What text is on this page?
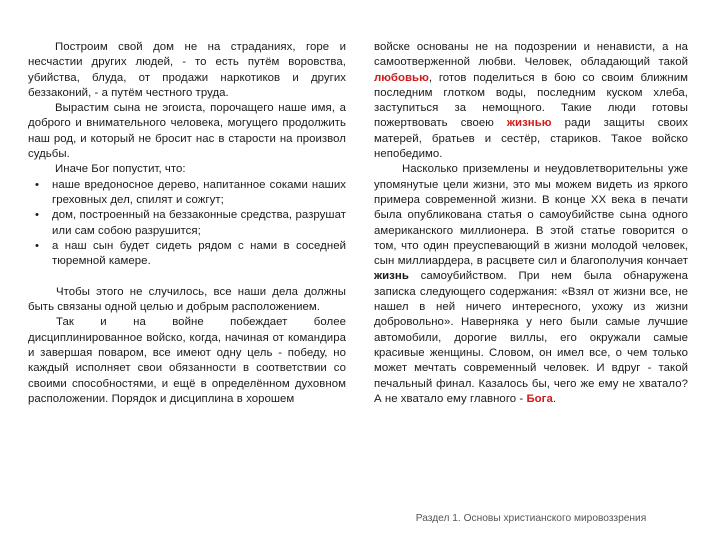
Построим свой дом не на страданиях, горе и несчастии других людей, - то есть путём воровства, убийства, блуда, от продажи наркотиков и других беззаконий, - а путём честного труда.

Вырастим сына не эгоиста, порочащего наше имя, а доброго и внимательного человека, могущего продолжить наш род, и который не бросит нас в старости на произвол судьбы.

Иначе Бог попустит, что:

• наше вредоносное дерево, напитанное соками наших греховных дел, спилят и сожгут;
• дом, построенный на беззаконные средства, разрушат или сам собою разрушится;
• а наш сын будет сидеть рядом с нами в соседней тюремной камере.

Чтобы этого не случилось, все наши дела должны быть связаны одной целью и добрым расположением.

Так и на войне побеждает более дисциплинированное войско, когда, начиная от командира и завершая поваром, все имеют одну цель - победу, но каждый исполняет свои обязанности в соответствии со своими способностями, и ещё в определённом духовном расположении. Порядок и дисциплина в хорошем

войске основаны не на подозрении и ненависти, а на самоотверженной любви. Человек, обладающий такой любовью, готов поделиться в бою со своим ближним последним глотком воды, последним куском хлеба, заступиться за немощного. Такие люди готовы пожертвовать своею жизнью ради защиты своих матерей, братьев и сестёр, стариков. Такое войско непобедимо.

Насколько приземлены и неудовлетворительны уже упомянутые цели жизни, это мы можем видеть из яркого примера современной жизни. В конце XX века в печати была опубликована статья о самоубийстве сына одного американского миллионера. В этой статье говорится о том, что один преуспевающий в жизни молодой человек, сын миллиардера, в расцвете сил и благополучия кончает жизнь самоубийством. При нем была обнаружена записка следующего содержания: «Взял от жизни все, не нашел в ней ничего интересного, ухожу из жизни добровольно». Наверняка у него были самые лучшие автомобили, дорогие виллы, его окружали самые красивые женщины. Словом, он имел все, о чем только может мечтать современный человек. И вдруг - такой печальный финал. Казалось бы, чего же ему не хватало? А не хватало ему главного - Бога.

Раздел 1. Основы христианского мировоззрения
